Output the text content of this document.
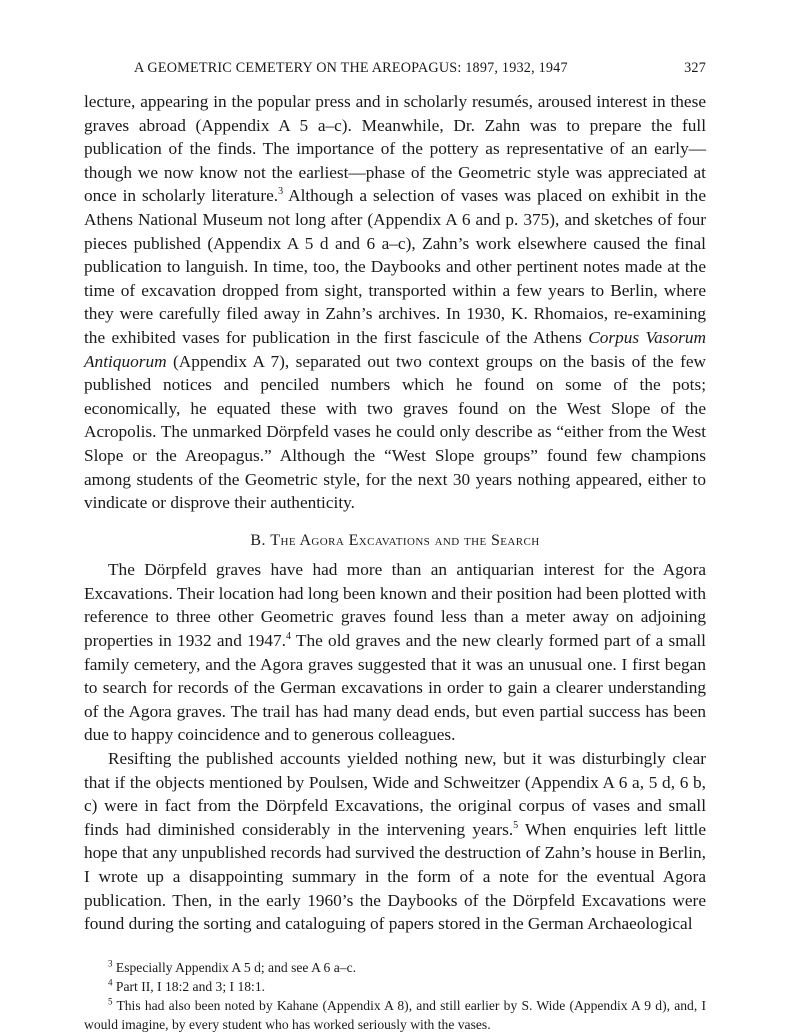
A GEOMETRIC CEMETERY ON THE AREOPAGUS: 1897, 1932, 1947	327

lecture, appearing in the popular press and in scholarly resumés, aroused interest in these graves abroad (Appendix A 5 a–c). Meanwhile, Dr. Zahn was to prepare the full publication of the finds. The importance of the pottery as representative of an early—though we now know not the earliest—phase of the Geometric style was appreciated at once in scholarly literature.$^3$ Although a selection of vases was placed on exhibit in the Athens National Museum not long after (Appendix A 6 and p. 375), and sketches of four pieces published (Appendix A 5 d and 6 a–c), Zahn’s work elsewhere caused the final publication to languish. In time, too, the Daybooks and other pertinent notes made at the time of excavation dropped from sight, transported within a few years to Berlin, where they were carefully filed away in Zahn’s archives. In 1930, K. Rhomaios, re-examining the exhibited vases for publication in the first fascicule of the Athens Corpus Vasorum Antiquorum (Appendix A 7), separated out two context groups on the basis of the few published notices and penciled numbers which he found on some of the pots; economically, he equated these with two graves found on the West Slope of the Acropolis. The unmarked Dörpfeld vases he could only describe as “either from the West Slope or the Areopagus.” Although the “West Slope groups” found few champions among students of the Geometric style, for the next 30 years nothing appeared, either to vindicate or disprove their authenticity.

B. The Agora Excavations and the Search

The Dörpfeld graves have had more than an antiquarian interest for the Agora Excavations. Their location had long been known and their position had been plotted with reference to three other Geometric graves found less than a meter away on adjoining properties in 1932 and 1947.$^4$ The old graves and the new clearly formed part of a small family cemetery, and the Agora graves suggested that it was an unusual one. I first began to search for records of the German excavations in order to gain a clearer understanding of the Agora graves. The trail has had many dead ends, but even partial success has been due to happy coincidence and to generous colleagues.

Resifting the published accounts yielded nothing new, but it was disturbingly clear that if the objects mentioned by Poulsen, Wide and Schweitzer (Appendix A 6 a, 5 d, 6 b, c) were in fact from the Dörpfeld Excavations, the original corpus of vases and small finds had diminished considerably in the intervening years.$^5$ When enquiries left little hope that any unpublished records had survived the destruction of Zahn’s house in Berlin, I wrote up a disappointing summary in the form of a note for the eventual Agora publication. Then, in the early 1960’s the Daybooks of the Dörpfeld Excavations were found during the sorting and cataloguing of papers stored in the German Archaeological

$^3$ Especially Appendix A 5 d; and see A 6 a–c.

$^4$ Part II, I 18:2 and 3; I 18:1.

$^5$ This had also been noted by Kahane (Appendix A 8), and still earlier by S. Wide (Appendix A 9 d), and, I would imagine, by every student who has worked seriously with the vases.
